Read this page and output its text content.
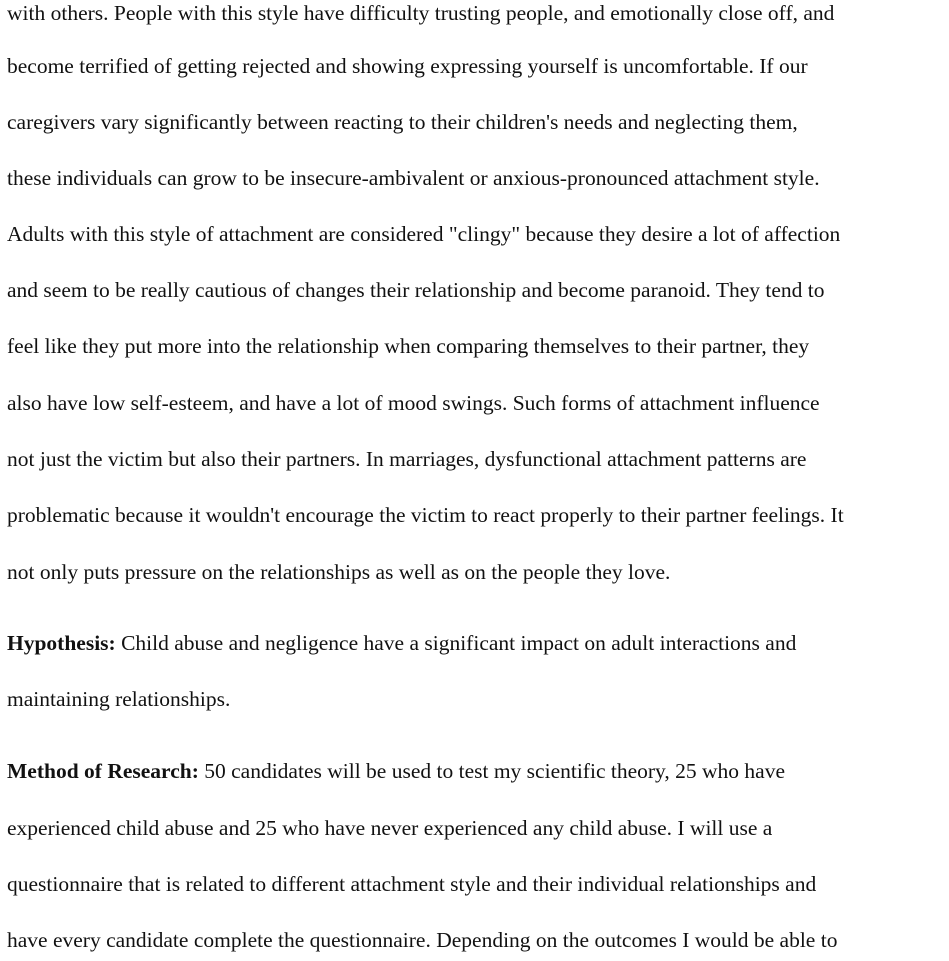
with others. People with this style have difficulty trusting people, and emotionally close off, and
become terrified of getting rejected and showing expressing yourself is uncomfortable. If our
caregivers vary significantly between reacting to their children's needs and neglecting them,
these individuals can grow to be insecure-ambivalent or anxious-pronounced attachment style.
Adults with this style of attachment are considered "clingy" because they desire a lot of affection
and seem to be really cautious of changes their relationship and become paranoid. They tend to
feel like they put more into the relationship when comparing themselves to their partner, they
also have low self-esteem, and have a lot of mood swings. Such forms of attachment influence
not just the victim but also their partners. In marriages, dysfunctional attachment patterns are
problematic because it wouldn't encourage the victim to react properly to their partner feelings. It
not only puts pressure on the relationships as well as on the people they love.
Hypothesis: Child abuse and negligence have a significant impact on adult interactions and
maintaining relationships.
Method of Research: 50 candidates will be used to test my scientific theory, 25 who have
experienced child abuse and 25 who have never experienced any child abuse. I will use a
questionnaire that is related to different attachment style and their individual relationships and
have every candidate complete the questionnaire. Depending on the outcomes I would be able to
